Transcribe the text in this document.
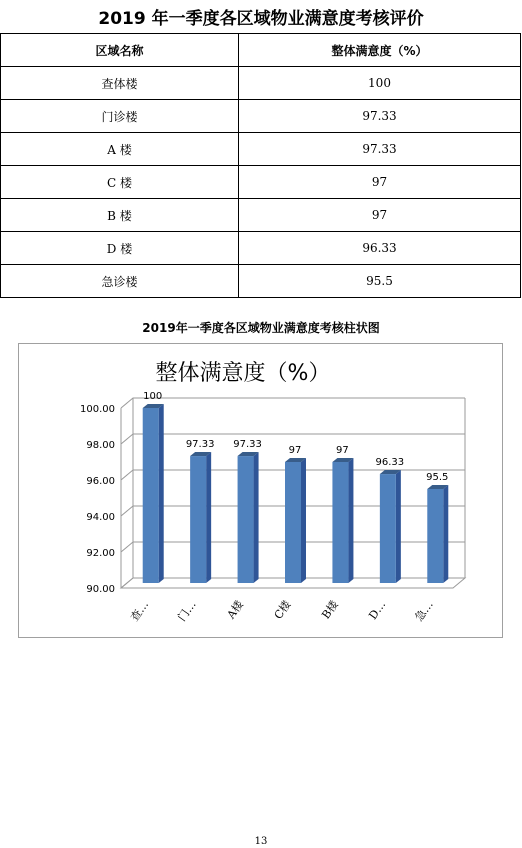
2019 年一季度各区域物业满意度考核评价
区域名称	整体满意度（%）
查体楼	100
门诊楼	97.33
A 楼	97.33
C 楼	97
B 楼	97
D 楼	96.33
急诊楼	95.5
2019年一季度各区域物业满意度考核柱状图
整体满意度（%）
90.00
92.00
94.00
96.00
98.00
100.00
100
查…
97.33
门…
97.33
A楼
97
C楼
97
B楼
96.33
D…
95.5
急…
13
